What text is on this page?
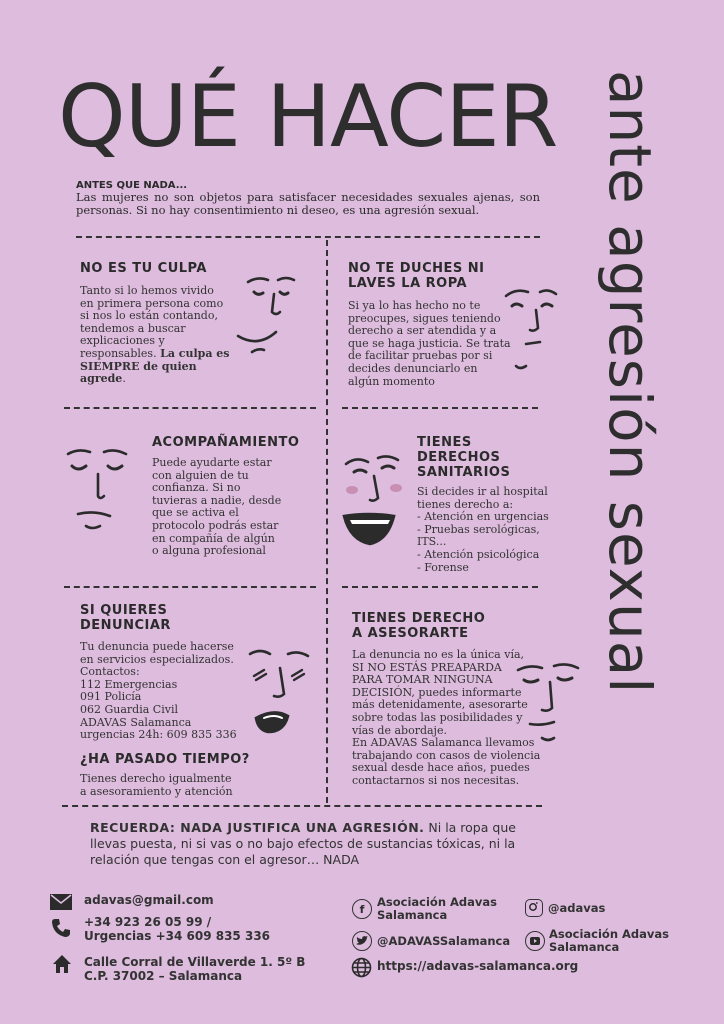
QUÉ HACER ante agresión sexual
ANTES QUE NADA...
Las mujeres no son objetos para satisfacer necesidades sexuales ajenas, son personas. Si no hay consentimiento ni deseo, es una agresión sexual.
NO ES TU CULPA
Tanto si lo hemos vivido
en primera persona como
si nos lo están contando,
tendemos a buscar
explicaciones y
responsables. La culpa es
SIEMPRE de quien
agrede.
NO TE DUCHES NI
LAVES LA ROPA
Si ya lo has hecho no te
preocupes, sigues teniendo
derecho a ser atendida y a
que se haga justicia. Se trata
de facilitar pruebas por si
decides denunciarlo en
algún momento
ACOMPAÑAMIENTO
Puede ayudarte estar
con alguien de tu
confianza. Si no
tuvieras a nadie, desde
que se activa el
protocolo podrás estar
en compañía de algún
o alguna profesional
TIENES
DERECHOS
SANITARIOS
Si decides ir al hospital
tienes derecho a:
- Atención en urgencias
- Pruebas serológicas, ITS...
- Atención psicológica
- Forense
SI QUIERES
DENUNCIAR
Tu denuncia puede hacerse
en servicios especializados.
Contactos:
112 Emergencias
091 Policía
062 Guardia Civil
ADAVAS Salamanca
urgencias 24h: 609 835 336
¿HA PASADO TIEMPO?
Tienes derecho igualmente
a asesoramiento y atención
TIENES DERECHO
A ASESORARTE
La denuncia no es la única vía,
SI NO ESTÁS PREAPARDA
PARA TOMAR NINGUNA
DECISIÓN, puedes informarte
más detenidamente, asesorarte
sobre todas las posibilidades y
vías de abordaje.
En ADAVAS Salamanca llevamos
trabajando con casos de violencia
sexual desde hace años, puedes
contactarnos si nos necesitas.
RECUERDA: NADA JUSTIFICA UNA AGRESIÓN. Ni la ropa que llevas puesta, ni si vas o no bajo efectos de sustancias tóxicas, ni la relación que tengas con el agresor… NADA
adavas@gmail.com
+34 923 26 05 99 /
Urgencias +34 609 835 336
Calle Corral de Villaverde 1. 5º B
C.P. 37002 – Salamanca
f	Asociación Adavas
Salamanca	@adavas
@ADAVASSalamanca	Asociación Adavas
Salamanca
https://adavas-salamanca.org
